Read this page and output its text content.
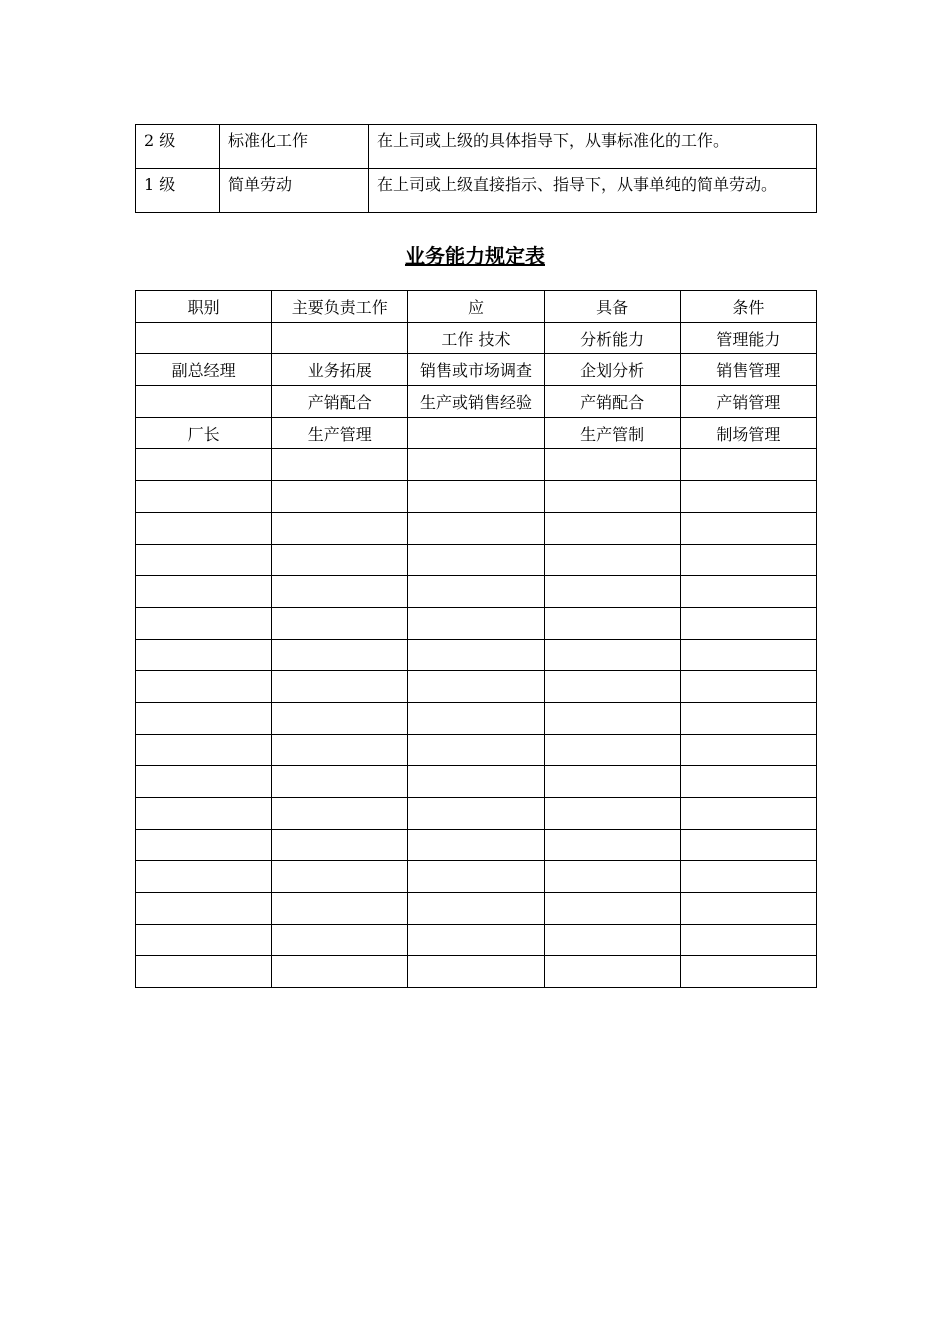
2 级	标准化工作	在上司或上级的具体指导下，从事标准化的工作。
1 级	简单劳动	在上司或上级直接指示、指导下，从事单纯的简单劳动。
业务能力规定表
职别	主要负责工作	应	具备	条件
		工作 技术	分析能力	管理能力
副总经理	业务拓展	销售或市场调查	企划分析	销售管理
	产销配合	生产或销售经验	产销配合	产销管理
厂长	生产管理		生产管制	制场管理
